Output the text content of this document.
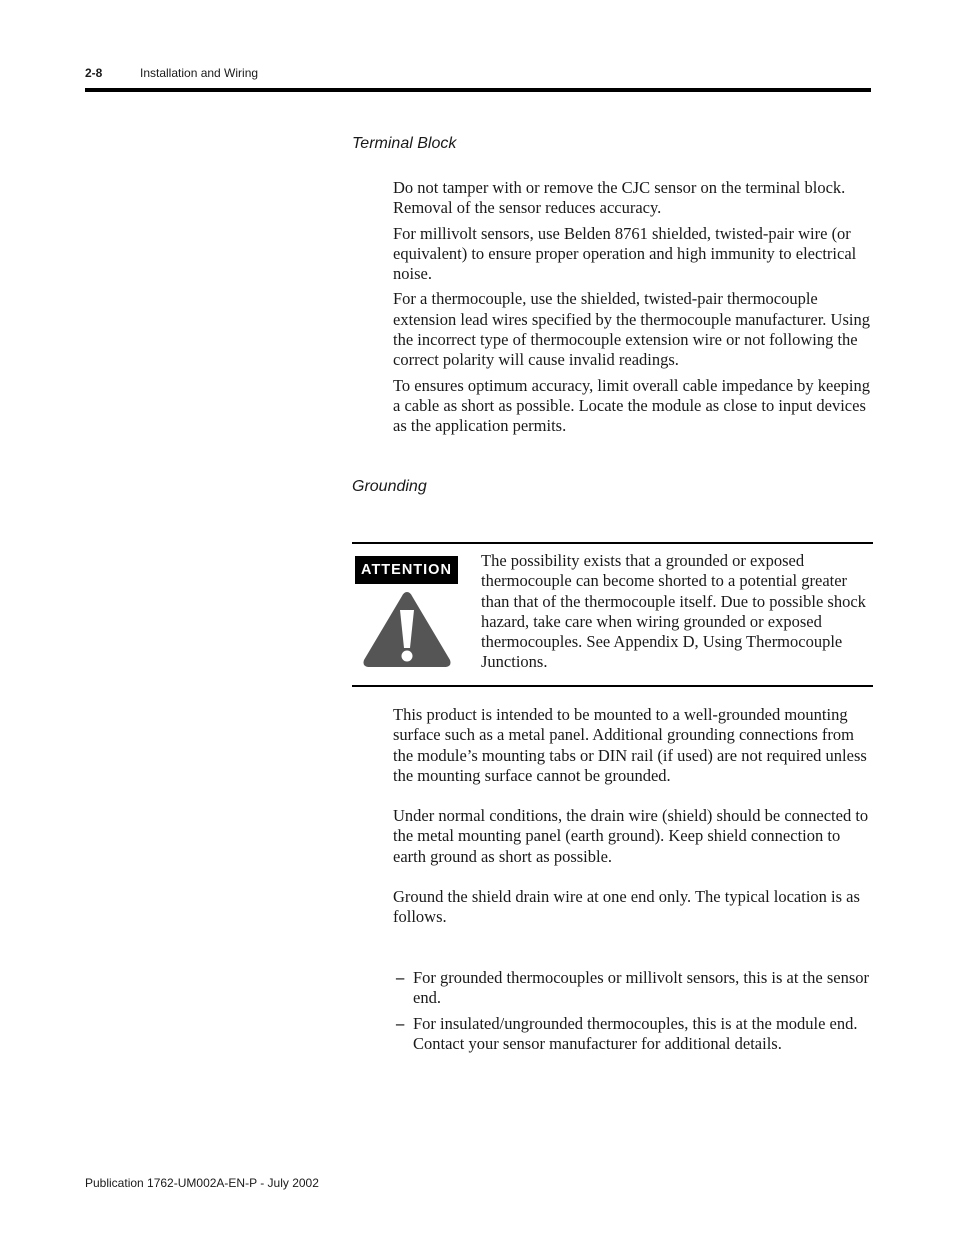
2-8	Installation and Wiring
Terminal Block

Do not tamper with or remove the CJC sensor on the terminal block. Removal of the sensor reduces accuracy.

For millivolt sensors, use Belden 8761 shielded, twisted-pair wire (or equivalent) to ensure proper operation and high immunity to electrical noise.

For a thermocouple, use the shielded, twisted-pair thermocouple extension lead wires specified by the thermocouple manufacturer. Using the incorrect type of thermocouple extension wire or not following the correct polarity will cause invalid readings.

To ensures optimum accuracy, limit overall cable impedance by keeping a cable as short as possible. Locate the module as close to input devices as the application permits.

Grounding
ATTENTION	The possibility exists that a grounded or exposed thermocouple can become shorted to a potential greater than that of the thermocouple itself. Due to possible shock hazard, take care when wiring grounded or exposed thermocouples. See Appendix D, Using Thermocouple Junctions.

This product is intended to be mounted to a well-grounded mounting surface such as a metal panel. Additional grounding connections from the module’s mounting tabs or DIN rail (if used) are not required unless the mounting surface cannot be grounded.

Under normal conditions, the drain wire (shield) should be connected to the metal mounting panel (earth ground). Keep shield connection to earth ground as short as possible.

Ground the shield drain wire at one end only. The typical location is as follows.

– For grounded thermocouples or millivolt sensors, this is at the sensor end.
– For insulated/ungrounded thermocouples, this is at the module end. Contact your sensor manufacturer for additional details.
Publication 1762-UM002A-EN-P - July 2002
